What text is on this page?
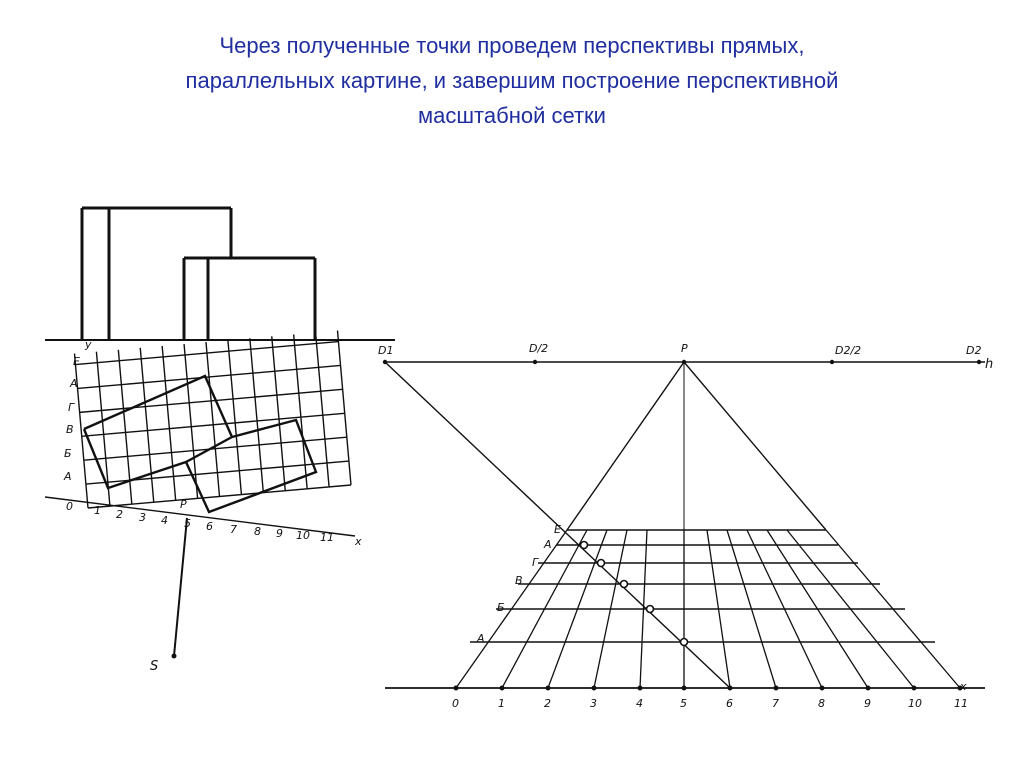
Через полученные точки проведем перспективы прямых,
параллельных картине, и завершим построение перспективной
масштабной сетки
y
x
А
Б
В
Г
А
Е
0 1 2 3 4 5 6 7 8 9 10 11
P
S
D1	D/2	P	D2/2	D2
h
А
Б
В
Г
А
Е
0	1	2	3	4	5	6	7	8	9	10	11
x
